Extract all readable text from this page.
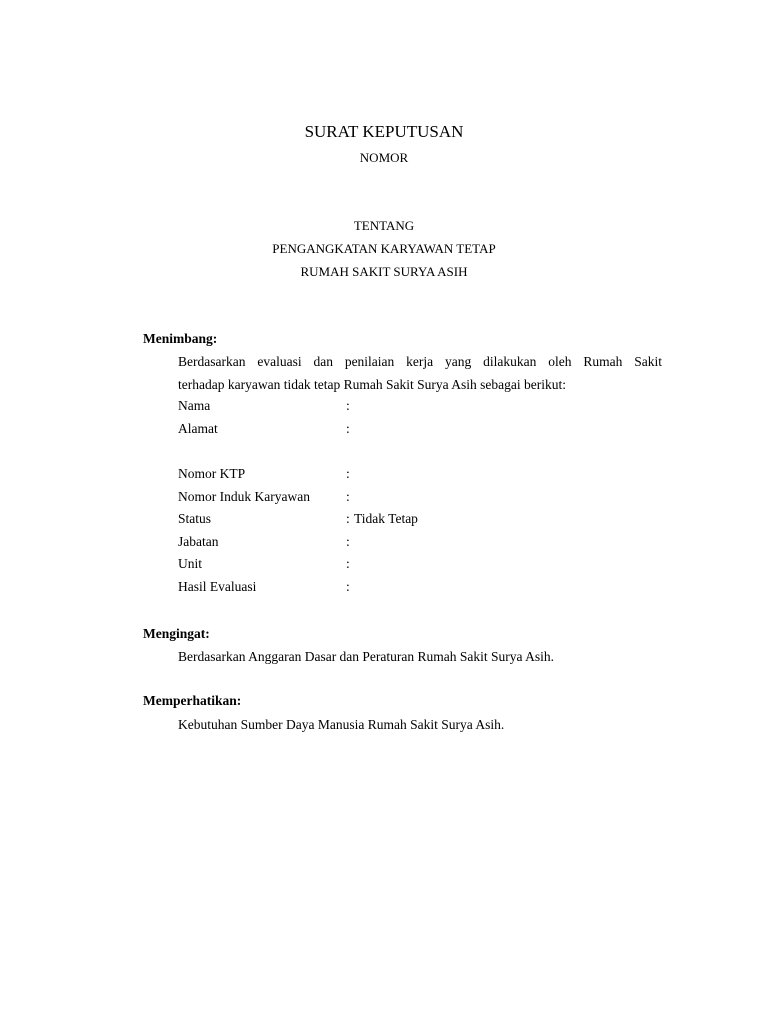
SURAT KEPUTUSAN
NOMOR
TENTANG
PENGANGKATAN KARYAWAN TETAP
RUMAH SAKIT SURYA ASIH
Menimbang:
Berdasarkan evaluasi dan penilaian kerja yang dilakukan oleh Rumah Sakit
terhadap karyawan tidak tetap Rumah Sakit Surya Asih sebagai berikut:
Nama	:
Alamat	:
Nomor KTP	:
Nomor Induk Karyawan	:
Status	: Tidak Tetap
Jabatan	:
Unit	:
Hasil Evaluasi	:
Mengingat:
Berdasarkan Anggaran Dasar dan Peraturan Rumah Sakit Surya Asih.
Memperhatikan:
Kebutuhan Sumber Daya Manusia Rumah Sakit Surya Asih.
